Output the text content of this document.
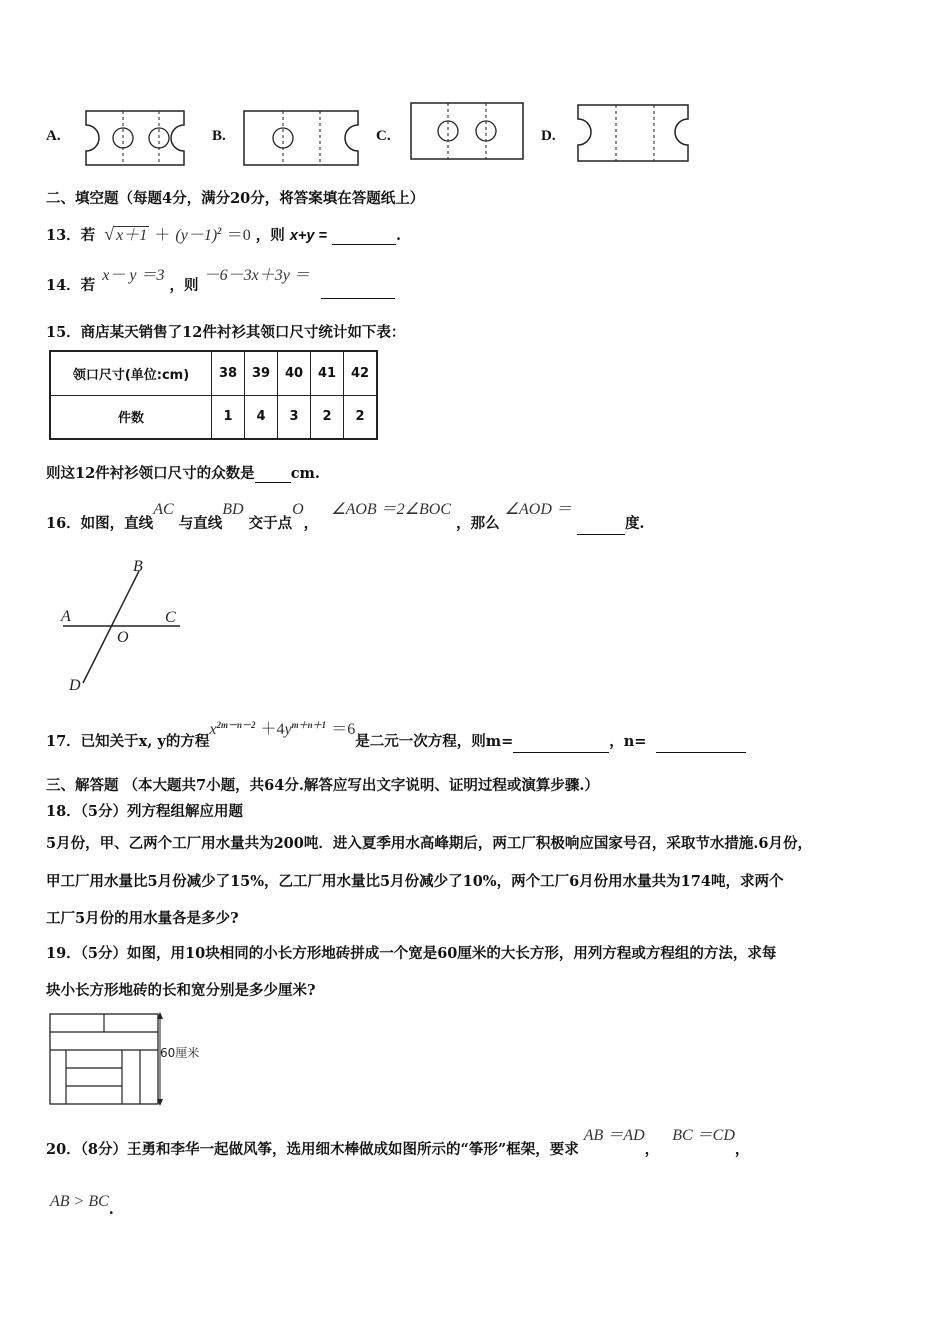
A.	B.	C.	D.
二、填空题（每题4分，满分20分，将答案填在答题纸上）
13．若 √ $x+1 + (y-1)^2 =0$ ，则 x+y =	.
14．若 x－ y ＝3 ，则 －6－3x＋3y ＝
15．商店某天销售了12件衬衫其领口尺寸统计如下表：
领口尺寸(单位:cm)	38	39	40	41	42
件数	1	4	3	2	2
则这12件衬衫领口尺寸的众数是 cm.
16．如图，直线AC 与直线BD 交于点O， ∠AOB ＝2∠BOC ，那么 ∠AOD ＝ 度.
B
A	C
O
D
17．已知关于x, y的方程$x^{2m-n-2} +4y^{m+n+1} =6$是二元一次方程，则m=	，n=
三、解答题 （本大题共7小题，共64分.解答应写出文字说明、证明过程或演算步骤.）
18．（5分）列方程组解应用题
5月份，甲、乙两个工厂用水量共为200吨．进入夏季用水高峰期后，两工厂积极响应国家号召，采取节水措施.6月份，
甲工厂用水量比5月份减少了15%，乙工厂用水量比5月份减少了10%，两个工厂6月份用水量共为174吨，求两个
工厂5月份的用水量各是多少?
19．（5分）如图，用10块相同的小长方形地砖拼成一个宽是60厘米的大长方形，用列方程或方程组的方法，求每
块小长方形地砖的长和宽分别是多少厘米?
60厘米
20．（8分）王勇和李华一起做风筝，选用细木棒做成如图所示的“筝形”框架，要求 AB ＝AD， BC ＝CD，
AB > BC.
